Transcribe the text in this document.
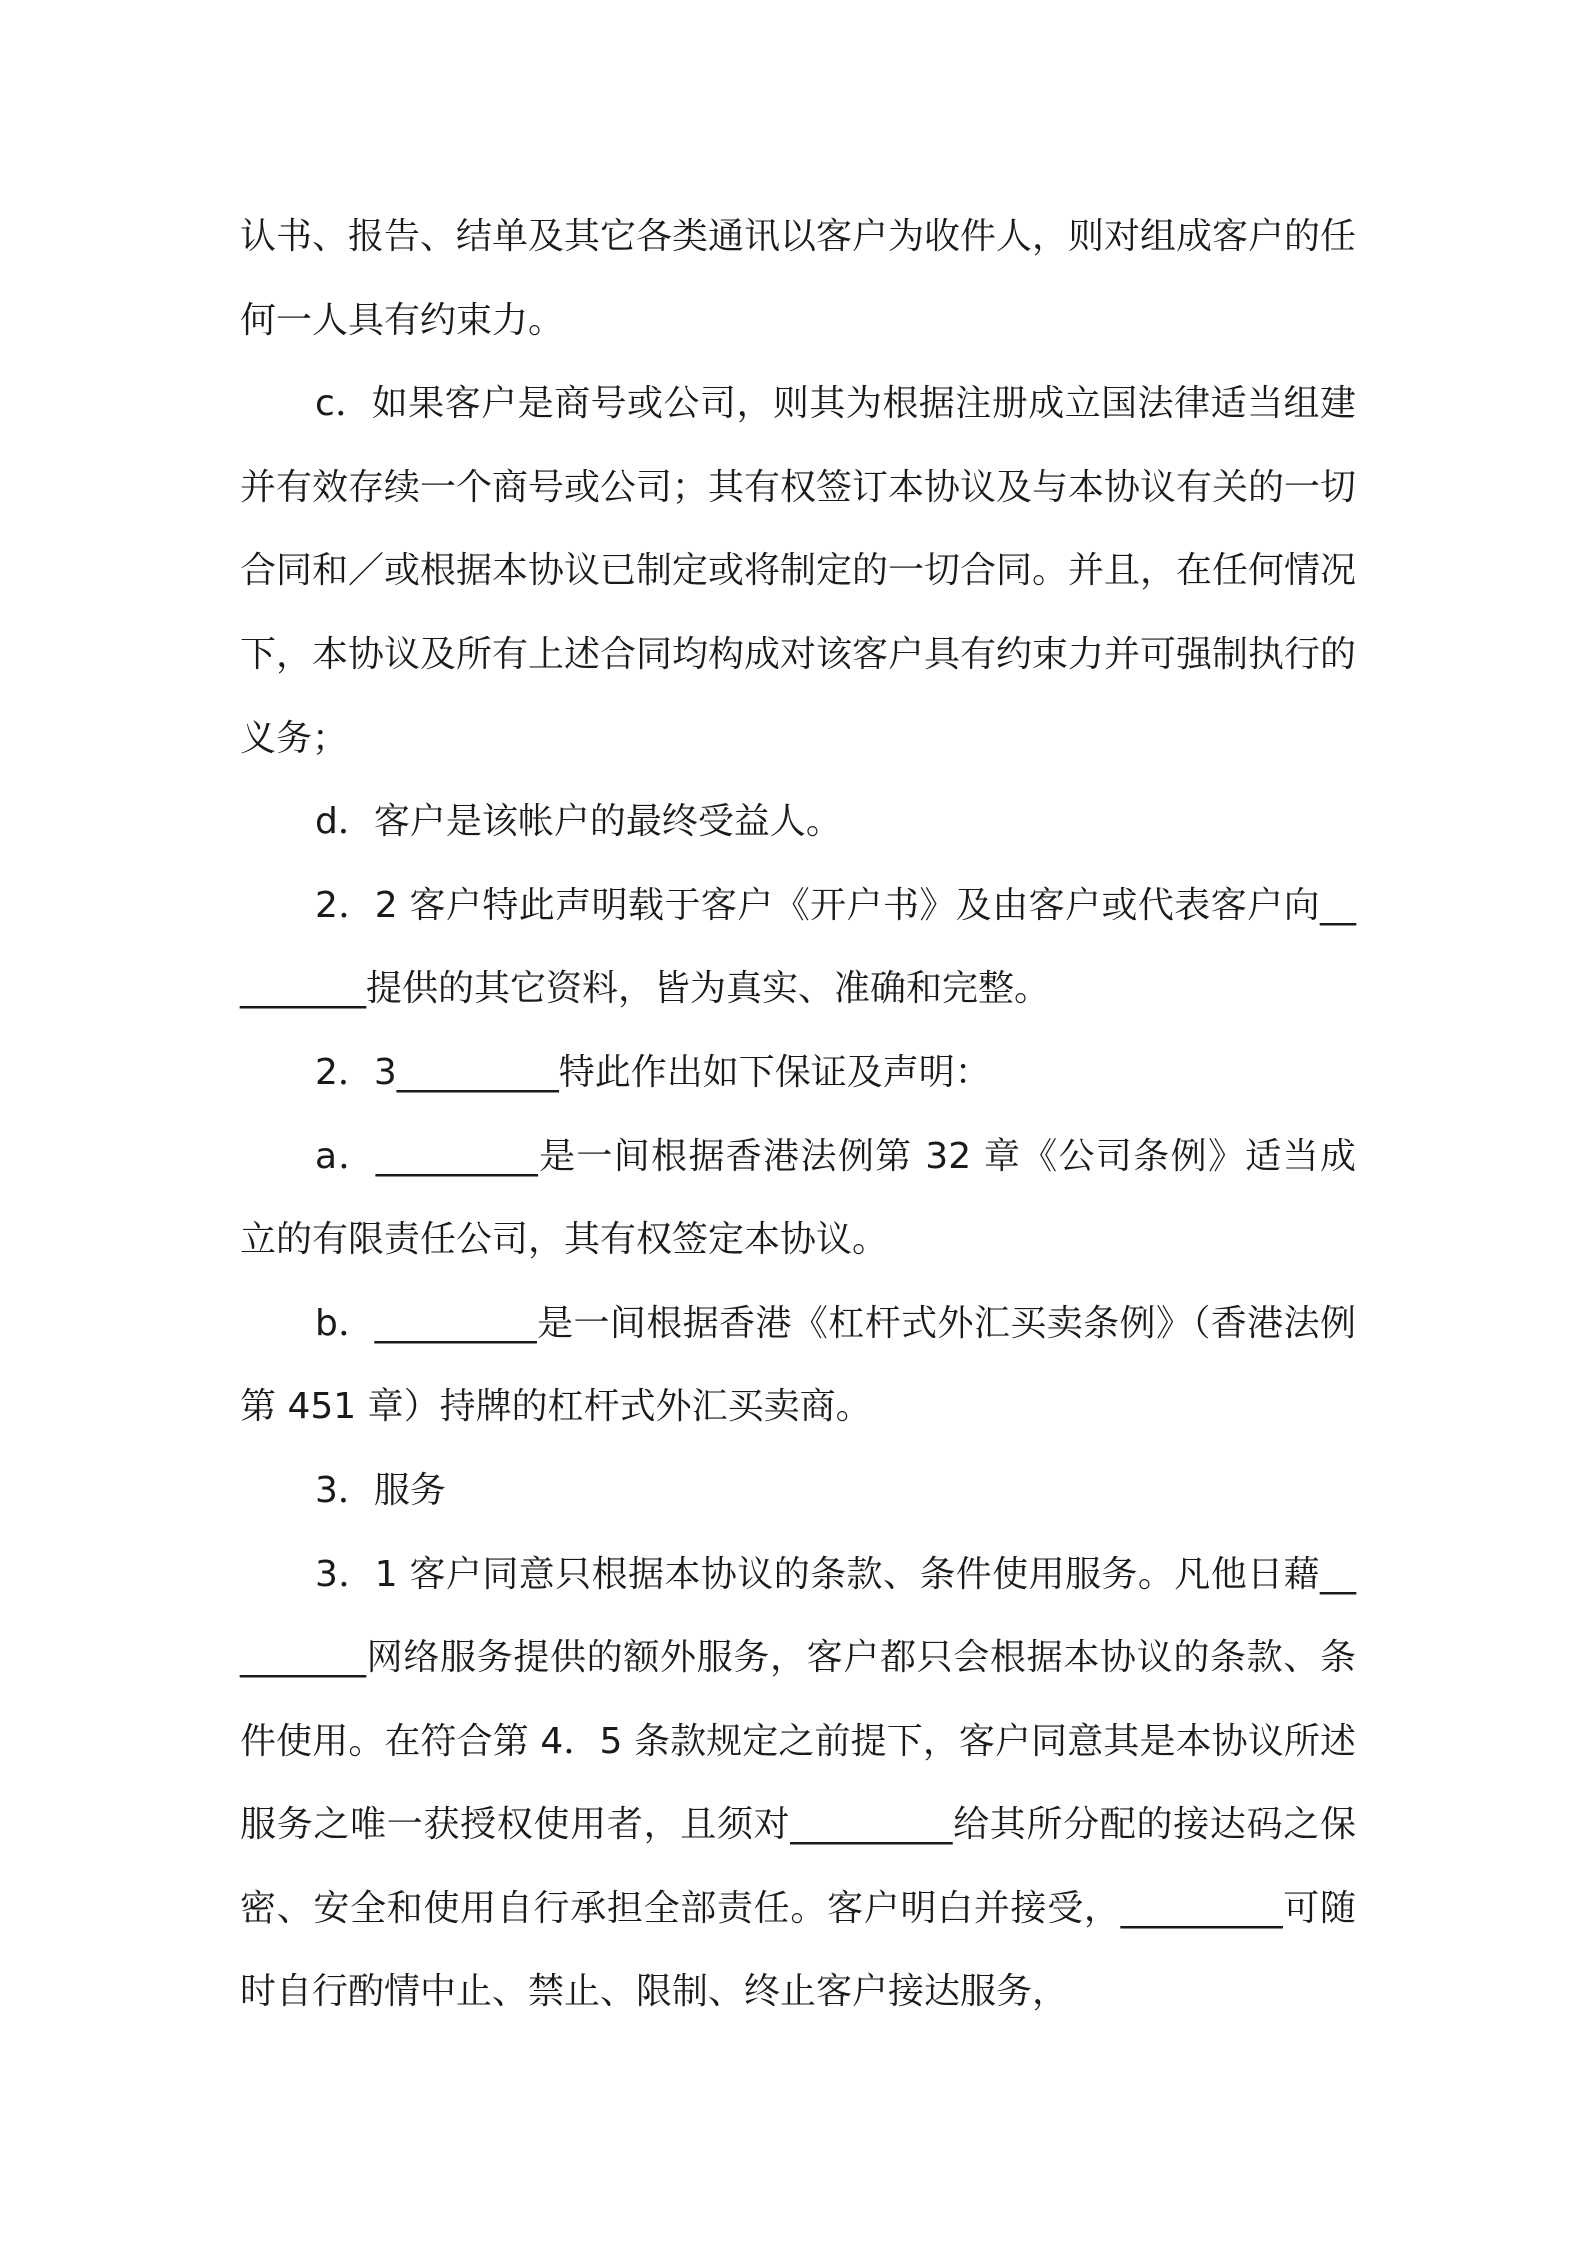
认书、报告、结单及其它各类通讯以客户为收件人，则对组成客户的任何一人具有约束力。

c．如果客户是商号或公司，则其为根据注册成立国法律适当组建并有效存续一个商号或公司；其有权签订本协议及与本协议有关的一切合同和／或根据本协议已制定或将制定的一切合同。并且，在任何情况下，本协议及所有上述合同均构成对该客户具有约束力并可强制执行的义务；

d．客户是该帐户的最终受益人。

2．2 客户特此声明载于客户《开户书》及由客户或代表客户向_________提供的其它资料，皆为真实、准确和完整。

2．3_________特此作出如下保证及声明：

a．_________是一间根据香港法例第 32 章《公司条例》适当成立的有限责任公司，其有权签定本协议。

b．_________是一间根据香港《杠杆式外汇买卖条例》（香港法例第 451 章）持牌的杠杆式外汇买卖商。

3．服务

3．1 客户同意只根据本协议的条款、条件使用服务。凡他日藉_________网络服务提供的额外服务，客户都只会根据本协议的条款、条件使用。在符合第 4．5 条款规定之前提下，客户同意其是本协议所述服务之唯一获授权使用者，且须对_________给其所分配的接达码之保密、安全和使用自行承担全部责任。客户明白并接受，_________可随时自行酌情中止、禁止、限制、终止客户接达服务，
